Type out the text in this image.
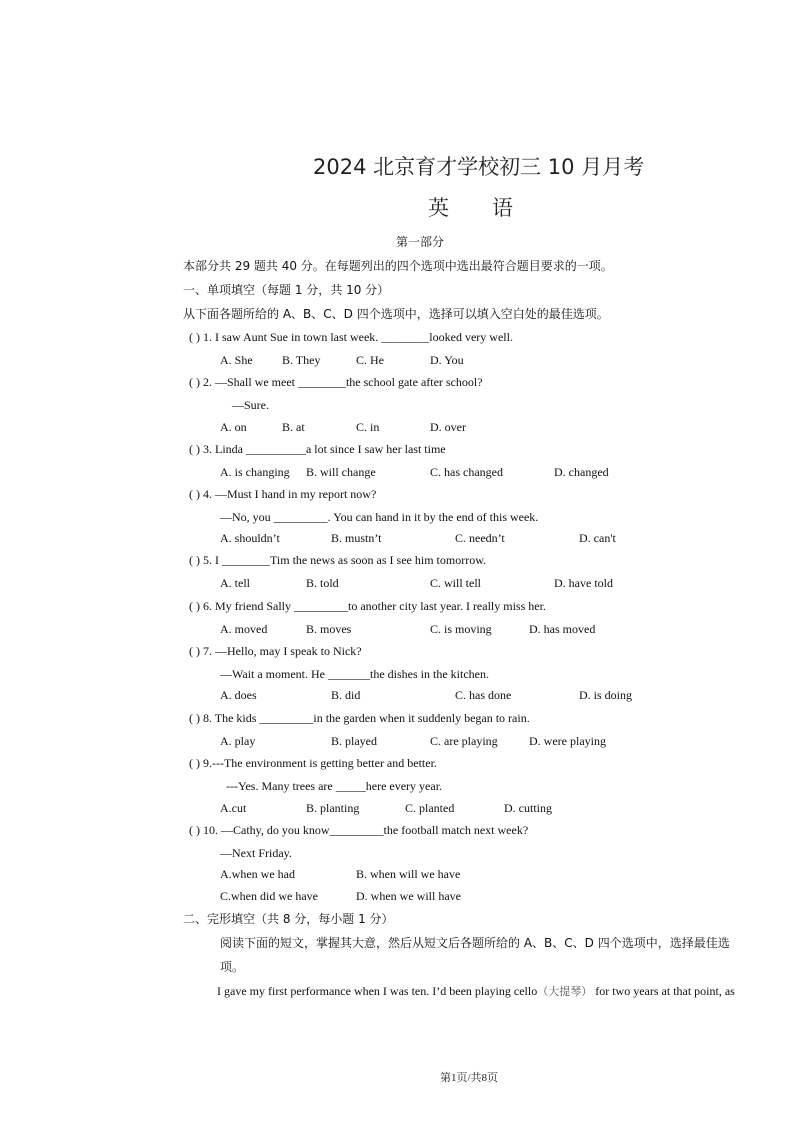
2024 北京育才学校初三 10 月月考
英 语
第一部分
本部分共 29 题共 40 分。在每题列出的四个选项中选出最符合题目要求的一项。
一、单项填空（每题 1 分，共 10 分）
从下面各题所给的 A、B、C、D 四个选项中，选择可以填入空白处的最佳选项。
( ) 1. I saw Aunt Sue in town last week. ________looked very well.
A. She B. They	C. He	D. You
( ) 2. —Shall we meet ________the school gate after school?
—Sure.
A. on	B. at	C. in	D. over
( ) 3. Linda __________a lot since I saw her last time
A. is changing B. will change	C. has changed	D. changed
( ) 4. —Must I hand in my report now?
—No, you _________. You can hand in it by the end of this week.
A. shouldn’t	B. mustn’t	C. needn’t	D. can't
( ) 5. I ________Tim the news as soon as I see him tomorrow.
A. tell	B. told	C. will tell	D. have told
( ) 6. My friend Sally _________to another city last year. I really miss her.
A. moved	B. moves	C. is moving	D. has moved
( ) 7. —Hello, may I speak to Nick?
—Wait a moment. He _______the dishes in the kitchen.
A. does	B. did	C. has done	D. is doing
( ) 8. The kids _________in the garden when it suddenly began to rain.
A. play	B. played	C. are playing	D. were playing
( ) 9.---The environment is getting better and better.
---Yes. Many trees are _____here every year.
A.cut	B. planting	C. planted	D. cutting
( ) 10. —Cathy, do you know_________the football match next week?
—Next Friday.
A.when we had	B. when will we have
C.when did we have	D. when we will have
二、完形填空（共 8 分，每小题 1 分）
阅读下面的短文，掌握其大意，然后从短文后各题所给的 A、B、C、D 四个选项中，选择最佳选
项。
I gave my first performance when I was ten. I’d been playing cello（大提琴） for two years at that point, as
第1页/共8页
